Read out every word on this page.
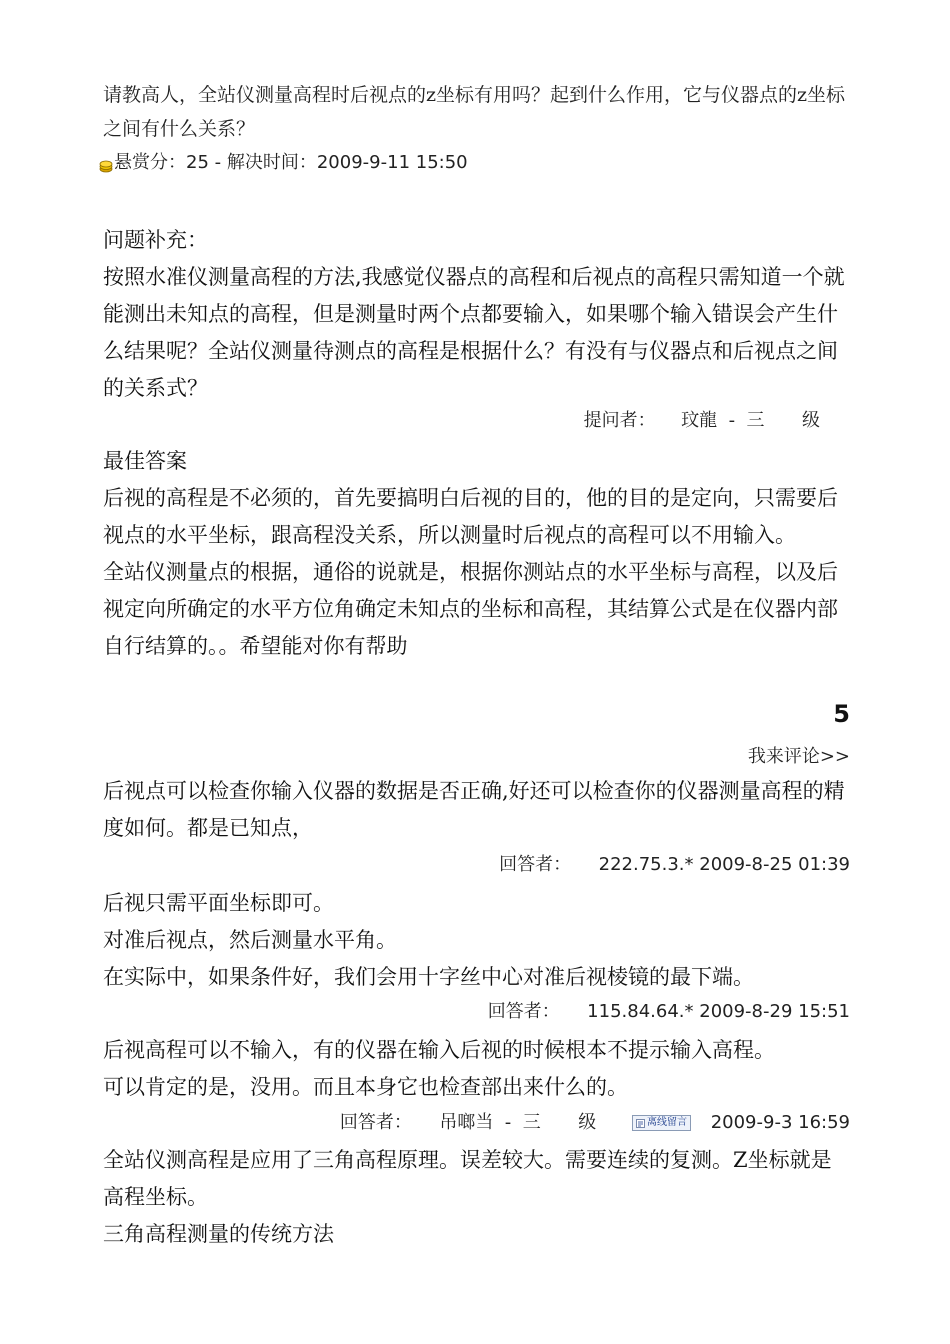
请教高人，全站仪测量高程时后视点的z坐标有用吗？起到什么作用，它与仪器点的z坐标之间有什么关系？
悬赏分： 25 - 解决时间： 2009-9-11 15:50

问题补充：

按照水准仪测量高程的方法,我感觉仪器点的高程和后视点的高程只需知道一个就能测出未知点的高程，但是测量时两个点都要输入，如果哪个输入错误会产生什么结果呢？全站仪测量待测点的高程是根据什么？有没有与仪器点和后视点之间的关系式？

提问者： 玟龍  -  三 级

最佳答案

后视的高程是不必须的，首先要搞明白后视的目的，他的目的是定向，只需要后视点的水平坐标，跟高程没关系，所以测量时后视点的高程可以不用输入。

全站仪测量点的根据，通俗的说就是，根据你测站点的水平坐标与高程，以及后视定向所确定的水平方位角确定未知点的坐标和高程，其结算公式是在仪器内部自行结算的。。希望能对你有帮助

5
我来评论>>

后视点可以检查你输入仪器的数据是否正确,好还可以检查你的仪器测量高程的精度如何。都是已知点，

回答者： 222.75.3.* 2009-8-25 01:39

后视只需平面坐标即可。

对准后视点，然后测量水平角。

在实际中，如果条件好，我们会用十字丝中心对准后视棱镜的最下端。

回答者： 115.84.64.* 2009-8-29 15:51

后视高程可以不输入，有的仪器在输入后视的时候根本不提示输入高程。

可以肯定的是，没用。而且本身它也检查部出来什么的。

回答者： 吊啷当  -  三 级	离线留言 2009-9-3 16:59

全站仪测高程是应用了三角高程原理。误差较大。需要连续的复测。Z坐标就是高程坐标。

三角高程测量的传统方法
